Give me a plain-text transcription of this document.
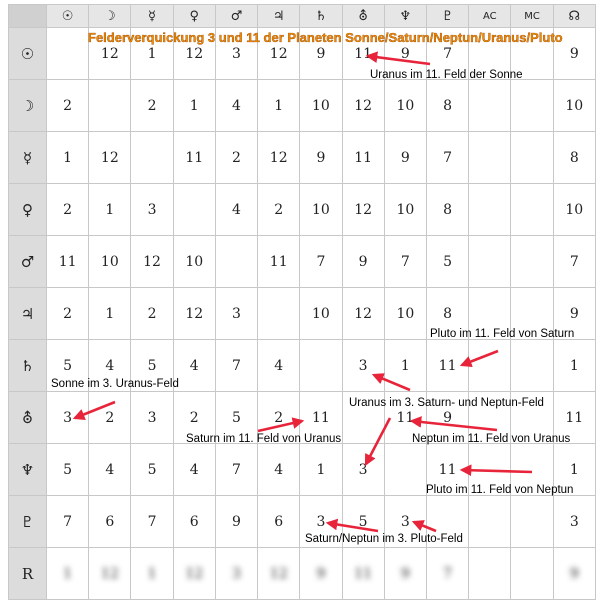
	☉	☽	☿	♀	♂	♃	♄	⛢	♆	♇	AC	MC	☊
☉		12	1	12	3	12	9	11	9	7			9
☽	2		2	1	4	1	10	12	10	8			10
☿	1	12		11	2	12	9	11	9	7			8
♀	2	1	3		4	2	10	12	10	8			10
♂	11	10	12	10		11	7	9	7	5			7
♃	2	1	2	12	3		10	12	10	8			9
♄	5	4	5	4	7	4		3	1	11			1
⛢	3	2	3	2	5	2	11		11	9			11
♆	5	4	5	4	7	4	1	3		11			1
♇	7	6	7	6	9	6	3	5	3				3
R	1	12	1	12	3	12	9	11	9	7			9
Felderverquickung 3 und 11 der Planeten Sonne/Saturn/Neptun/Uranus/Pluto
Uranus im 11. Feld der Sonne
Pluto im 11. Feld von Saturn
Sonne im 3. Uranus-Feld
Uranus im 3. Saturn- und Neptun-Feld
Saturn im 11. Feld von Uranus	Neptun im 11. Feld von Uranus
Pluto im 11. Feld von Neptun
Saturn/Neptun im 3. Pluto-Feld
